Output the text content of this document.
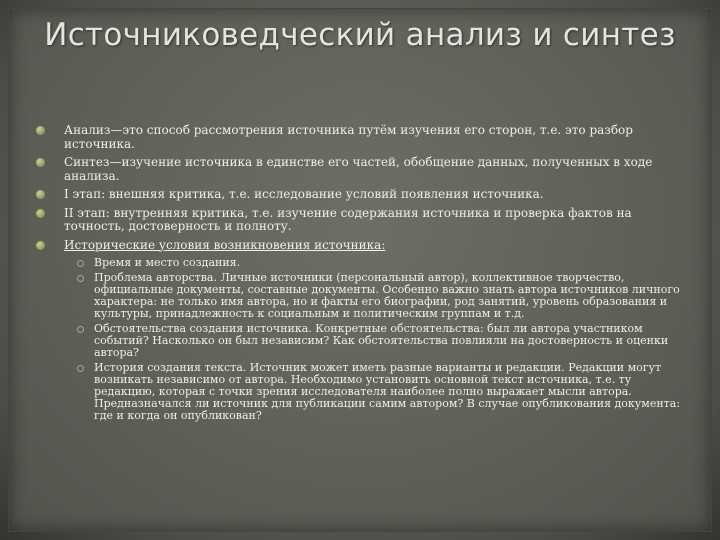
Источниковедческий анализ и синтез
Анализ—это способ рассмотрения источника путём изучения его сторон, т.е. это разбор источника.
Синтез—изучение источника в единстве его частей, обобщение данных, полученных в ходе анализа.
I этап: внешняя критика, т.е. исследование условий появления источника.
II этап: внутренняя критика, т.е. изучение содержания источника и проверка фактов на точность, достоверность и полноту.
Исторические условия возникновения источника:
Время и место создания.
Проблема авторства. Личные источники (персональный автор), коллективное творчество, официальные документы, составные документы. Особенно важно знать автора источников личного характера: не только имя автора, но и факты его биографии, род занятий, уровень образования и культуры, принадлежность к социальным и политическим группам и т.д.
Обстоятельства создания источника. Конкретные обстоятельства: был ли автора участником событий? Насколько он был независим? Как обстоятельства повлияли на достоверность и оценки автора?
История создания текста. Источник может иметь разные варианты и редакции. Редакции могут возникать независимо от автора. Необходимо установить основной текст источника, т.е. ту редакцию, которая с точки зрения исследователя наиболее полно выражает мысли автора. Предназначался ли источник для публикации самим автором? В случае опубликования документа: где и когда он опубликован?
